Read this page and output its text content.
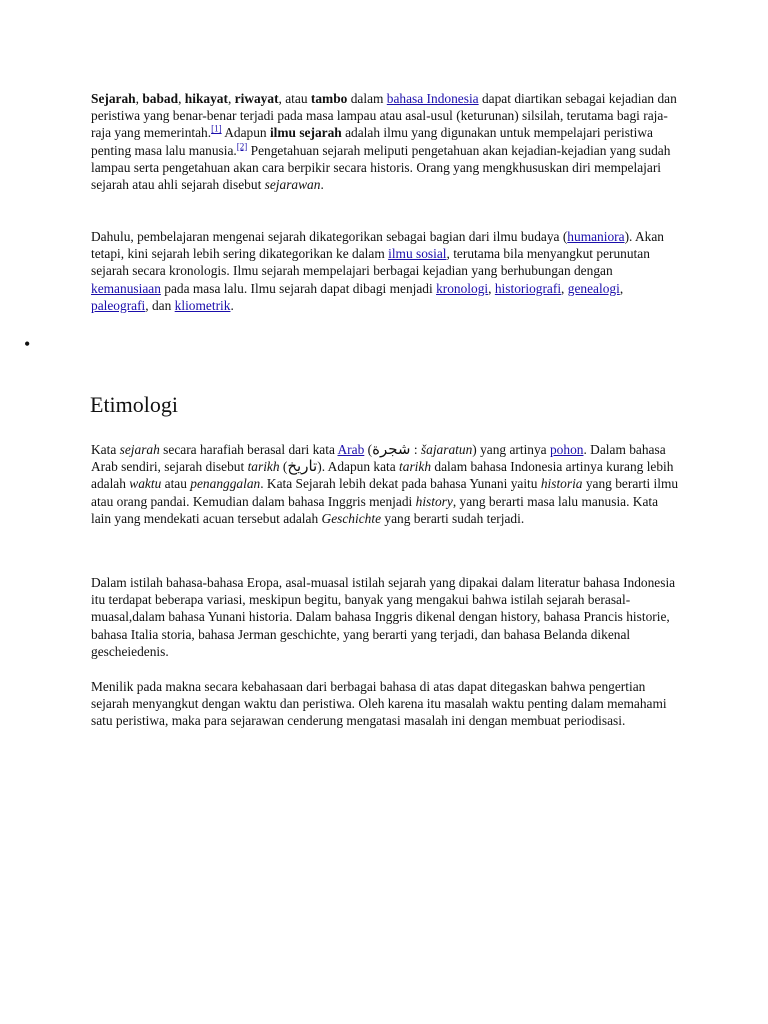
Sejarah, babad, hikayat, riwayat, atau tambo dalam bahasa Indonesia dapat diartikan sebagai kejadian dan peristiwa yang benar-benar terjadi pada masa lampau atau asal-usul (keturunan) silsilah, terutama bagi raja-raja yang memerintah.[1] Adapun ilmu sejarah adalah ilmu yang digunakan untuk mempelajari peristiwa penting masa lalu manusia.[2] Pengetahuan sejarah meliputi pengetahuan akan kejadian-kejadian yang sudah lampau serta pengetahuan akan cara berpikir secara historis. Orang yang mengkhususkan diri mempelajari sejarah atau ahli sejarah disebut sejarawan.

Dahulu, pembelajaran mengenai sejarah dikategorikan sebagai bagian dari ilmu budaya (humaniora). Akan tetapi, kini sejarah lebih sering dikategorikan ke dalam ilmu sosial, terutama bila menyangkut perunutan sejarah secara kronologis. Ilmu sejarah mempelajari berbagai kejadian yang berhubungan dengan kemanusiaan pada masa lalu. Ilmu sejarah dapat dibagi menjadi kronologi, historiografi, genealogi, paleografi, dan kliometrik.

•
Etimologi

Kata sejarah secara harafiah berasal dari kata Arab (شجرة : šajaratun) yang artinya pohon. Dalam bahasa Arab sendiri, sejarah disebut tarikh (تاريخ). Adapun kata tarikh dalam bahasa Indonesia artinya kurang lebih adalah waktu atau penanggalan. Kata Sejarah lebih dekat pada bahasa Yunani yaitu historia yang berarti ilmu atau orang pandai. Kemudian dalam bahasa Inggris menjadi history, yang berarti masa lalu manusia. Kata lain yang mendekati acuan tersebut adalah Geschichte yang berarti sudah terjadi.

Dalam istilah bahasa-bahasa Eropa, asal-muasal istilah sejarah yang dipakai dalam literatur bahasa Indonesia itu terdapat beberapa variasi, meskipun begitu, banyak yang mengakui bahwa istilah sejarah berasal-muasal,dalam bahasa Yunani historia. Dalam bahasa Inggris dikenal dengan history, bahasa Prancis historie, bahasa Italia storia, bahasa Jerman geschichte, yang berarti yang terjadi, dan bahasa Belanda dikenal gescheiedenis.

Menilik pada makna secara kebahasaan dari berbagai bahasa di atas dapat ditegaskan bahwa pengertian sejarah menyangkut dengan waktu dan peristiwa. Oleh karena itu masalah waktu penting dalam memahami satu peristiwa, maka para sejarawan cenderung mengatasi masalah ini dengan membuat periodisasi.
